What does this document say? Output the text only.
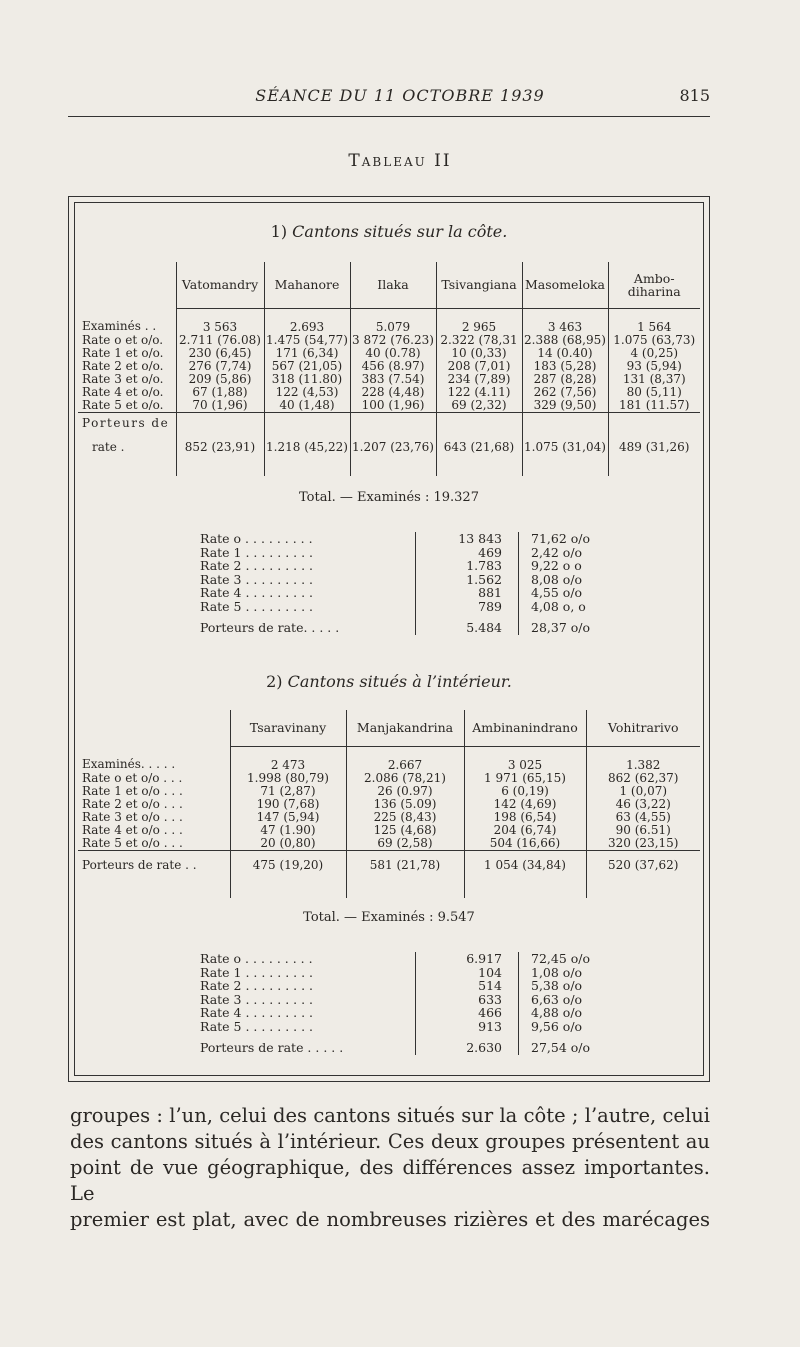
SÉANCE DU 11 OCTOBRE 1939	815
Tableau II
1) Cantons situés sur la côte.
	Vatomandry	Mahanore	Ilaka	Tsivangiana	Masomeloka	Ambo-
diharina
Examinés . .	3 563	2.693	5.079	2 965	3 463	1 564
Rate o et o/o.	2.711 (76.08)	1.475 (54,77)	3 872 (76.23)	2.322 (78,31	2.388 (68,95)	1.075 (63,73)
Rate 1 et o/o.	230 (6,45)	171 (6,34)	40 (0.78)	10 (0,33)	14 (0.40)	4 (0,25)
Rate 2 et o/o.	276 (7,74)	567 (21,05)	456 (8.97)	208 (7,01)	183 (5,28)	93 (5,94)
Rate 3 et o/o.	209 (5,86)	318 (11.80)	383 (7.54)	234 (7,89)	287 (8,28)	131 (8,37)
Rate 4 et o/o.	67 (1,88)	122 (4,53)	228 (4,48)	122 (4.11)	262 (7,56)	80 (5,11)
Rate 5 et o/o.	70 (1,96)	40 (1,48)	100 (1,96)	69 (2,32)	329 (9,50)	181 (11.57)
Porteurs de	852 (23,91)	1.218 (45,22)	1.207 (23,76)	643 (21,68)	1.075 (31,04)	489 (31,26)
rate .						

Total. — Examinés : 19.327
Rate o . . . . . . . . .	13 843	71,62 o/o
Rate 1 . . . . . . . . .	469	2,42 o/o
Rate 2 . . . . . . . . .	1.783	9,22 o o
Rate 3 . . . . . . . . .	1.562	8,08 o/o
Rate 4 . . . . . . . . .	881	4,55 o/o
Rate 5 . . . . . . . . .	789	4,08 o, o
Porteurs de rate. . . . .	5.484	28,37 o/o
2) Cantons situés à l’intérieur.
	Tsaravinany	Manjakandrina	Ambinanindrano	Vohitrarivo
Examinés. . . . .	2 473	2.667	3 025	1.382
Rate o et o/o . . .	1.998 (80,79)	2.086 (78,21)	1 971 (65,15)	862 (62,37)
Rate 1 et o/o . . .	71 (2,87)	26 (0.97)	6 (0,19)	1 (0,07)
Rate 2 et o/o . . .	190 (7,68)	136 (5.09)	142 (4,69)	46 (3,22)
Rate 3 et o/o . . .	147 (5,94)	225 (8,43)	198 (6,54)	63 (4,55)
Rate 4 et o/o . . .	47 (1.90)	125 (4,68)	204 (6,74)	90 (6.51)
Rate 5 et o/o . . .	20 (0,80)	69 (2,58)	504 (16,66)	320 (23,15)
Porteurs de rate . .	475 (19,20)	581 (21,78)	1 054 (34,84)	520 (37,62)

Total. — Examinés : 9.547
Rate o . . . . . . . . .	6.917	72,45 o/o
Rate 1 . . . . . . . . .	104	1,08 o/o
Rate 2 . . . . . . . . .	514	5,38 o/o
Rate 3 . . . . . . . . .	633	6,63 o/o
Rate 4 . . . . . . . . .	466	4,88 o/o
Rate 5 . . . . . . . . .	913	9,56 o/o
Porteurs de rate . . . . .	2.630	27,54 o/o
groupes : l’un, celui des cantons situés sur la côte ; l’autre, celui
des cantons situés à l’intérieur. Ces deux groupes présentent au
point de vue géographique, des différences assez importantes. Le
premier est plat, avec de nombreuses rizières et des marécages
